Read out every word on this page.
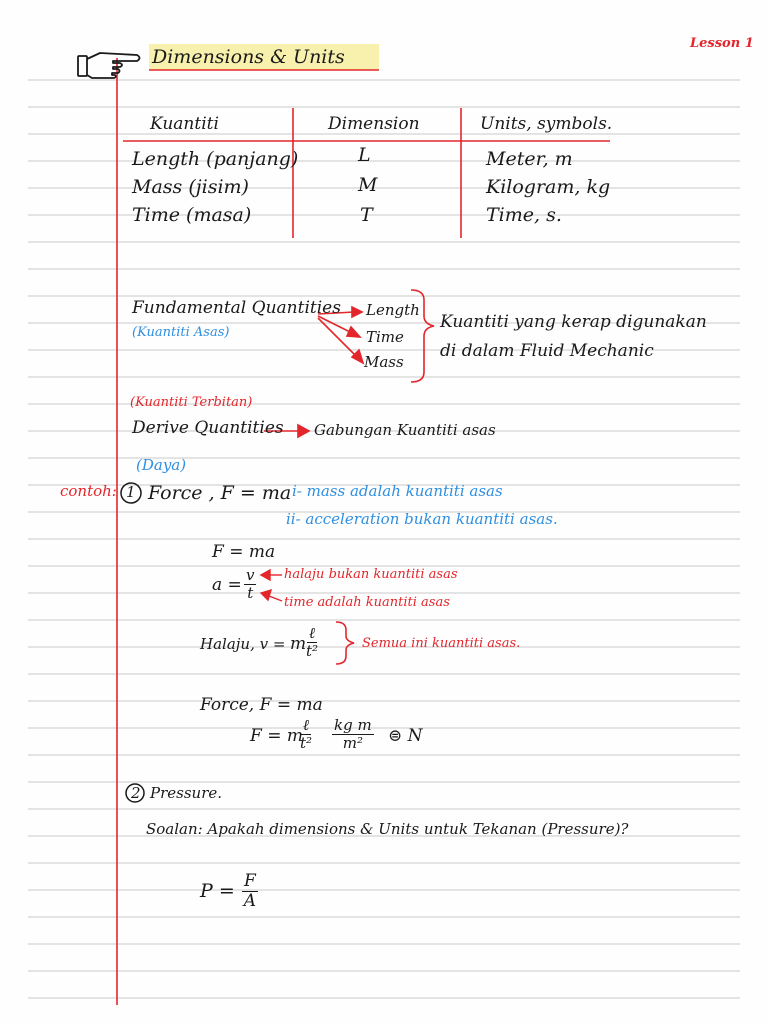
Lesson 1
Dimensions & Units
Kuantiti	Dimension	Units, symbols.
Length (panjang)	L	Meter, m
Mass (jisim)	M	Kilogram, kg
Time (masa)	T	Time, s.
Fundamental Quantities
(Kuantiti Asas)
Length
Time
Mass
Kuantiti yang kerap digunakan
di dalam Fluid Mechanic
(Kuantiti Terbitan)
Derive Quantities Gabungan Kuantiti asas
(Daya)
contoh: 1 Force , F = ma i- mass adalah kuantiti asas
ii- acceleration bukan kuantiti asas.
F = ma
$a = \frac{v}{t}$ halaju bukan kuantiti asas
time adalah kuantiti asas
Halaju, v = m
ℓ
t²	Semua ini kuantiti asas.
Force, F = ma
F = m
ℓ
$t^2 \frac{\text{kg m}}{\text{m²}}$ ⊜ N
2 Pressure.
Soalan: Apakah dimensions & Units untuk Tekanan (Pressure)?
$P = \frac{F}{A}$
